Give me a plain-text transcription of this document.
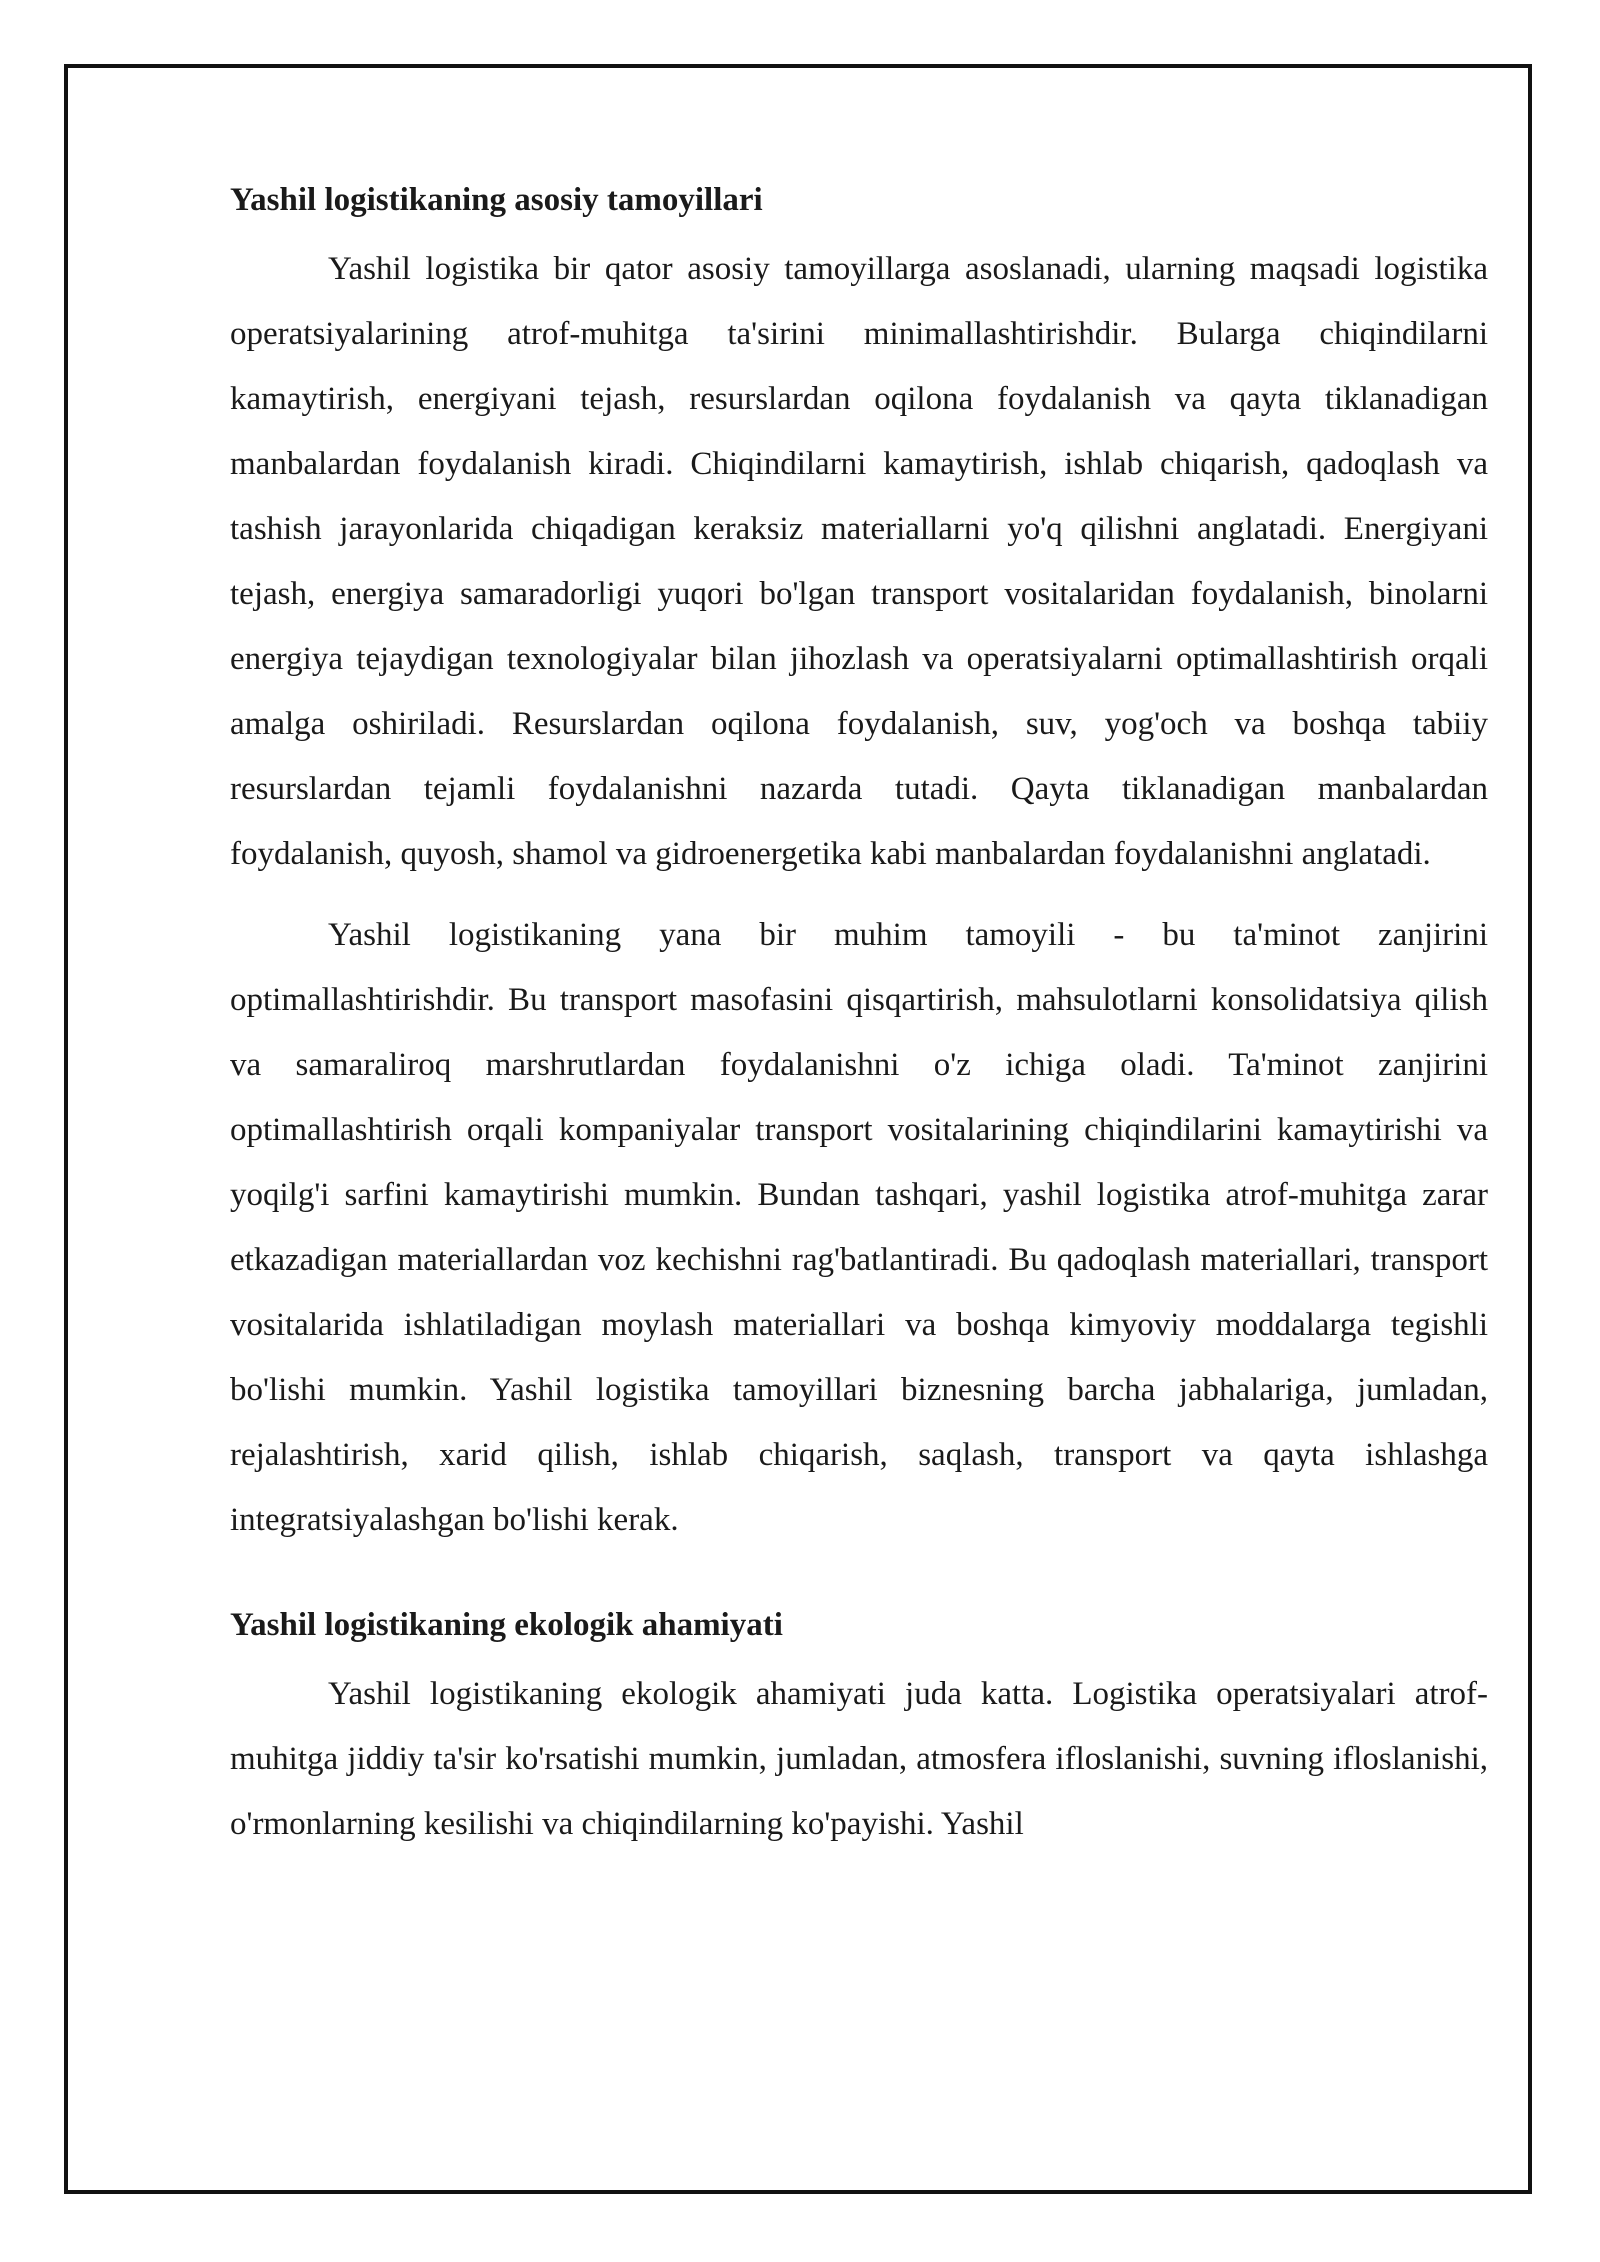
Yashil logistikaning asosiy tamoyillari

Yashil logistika bir qator asosiy tamoyillarga asoslanadi, ularning maqsadi logistika operatsiyalarining atrof-muhitga ta'sirini minimallashtirishdir. Bularga chiqindilarni kamaytirish, energiyani tejash, resurslardan oqilona foydalanish va qayta tiklanadigan manbalardan foydalanish kiradi. Chiqindilarni kamaytirish, ishlab chiqarish, qadoqlash va tashish jarayonlarida chiqadigan keraksiz materiallarni yo'q qilishni anglatadi. Energiyani tejash, energiya samaradorligi yuqori bo'lgan transport vositalaridan foydalanish, binolarni energiya tejaydigan texnologiyalar bilan jihozlash va operatsiyalarni optimallashtirish orqali amalga oshiriladi. Resurslardan oqilona foydalanish, suv, yog'och va boshqa tabiiy resurslardan tejamli foydalanishni nazarda tutadi. Qayta tiklanadigan manbalardan foydalanish, quyosh, shamol va gidroenergetika kabi manbalardan foydalanishni anglatadi.

Yashil logistikaning yana bir muhim tamoyili - bu ta'minot zanjirini optimallashtirishdir. Bu transport masofasini qisqartirish, mahsulotlarni konsolidatsiya qilish va samaraliroq marshrutlardan foydalanishni o'z ichiga oladi. Ta'minot zanjirini optimallashtirish orqali kompaniyalar transport vositalarining chiqindilarini kamaytirishi va yoqilg'i sarfini kamaytirishi mumkin. Bundan tashqari, yashil logistika atrof-muhitga zarar etkazadigan materiallardan voz kechishni rag'batlantiradi. Bu qadoqlash materiallari, transport vositalarida ishlatiladigan moylash materiallari va boshqa kimyoviy moddalarga tegishli bo'lishi mumkin. Yashil logistika tamoyillari biznesning barcha jabhalariga, jumladan, rejalashtirish, xarid qilish, ishlab chiqarish, saqlash, transport va qayta ishlashga integratsiyalashgan bo'lishi kerak.

Yashil logistikaning ekologik ahamiyati

Yashil logistikaning ekologik ahamiyati juda katta. Logistika operatsiyalari atrof-muhitga jiddiy ta'sir ko'rsatishi mumkin, jumladan, atmosfera ifloslanishi, suvning ifloslanishi, o'rmonlarning kesilishi va chiqindilarning ko'payishi. Yashil
